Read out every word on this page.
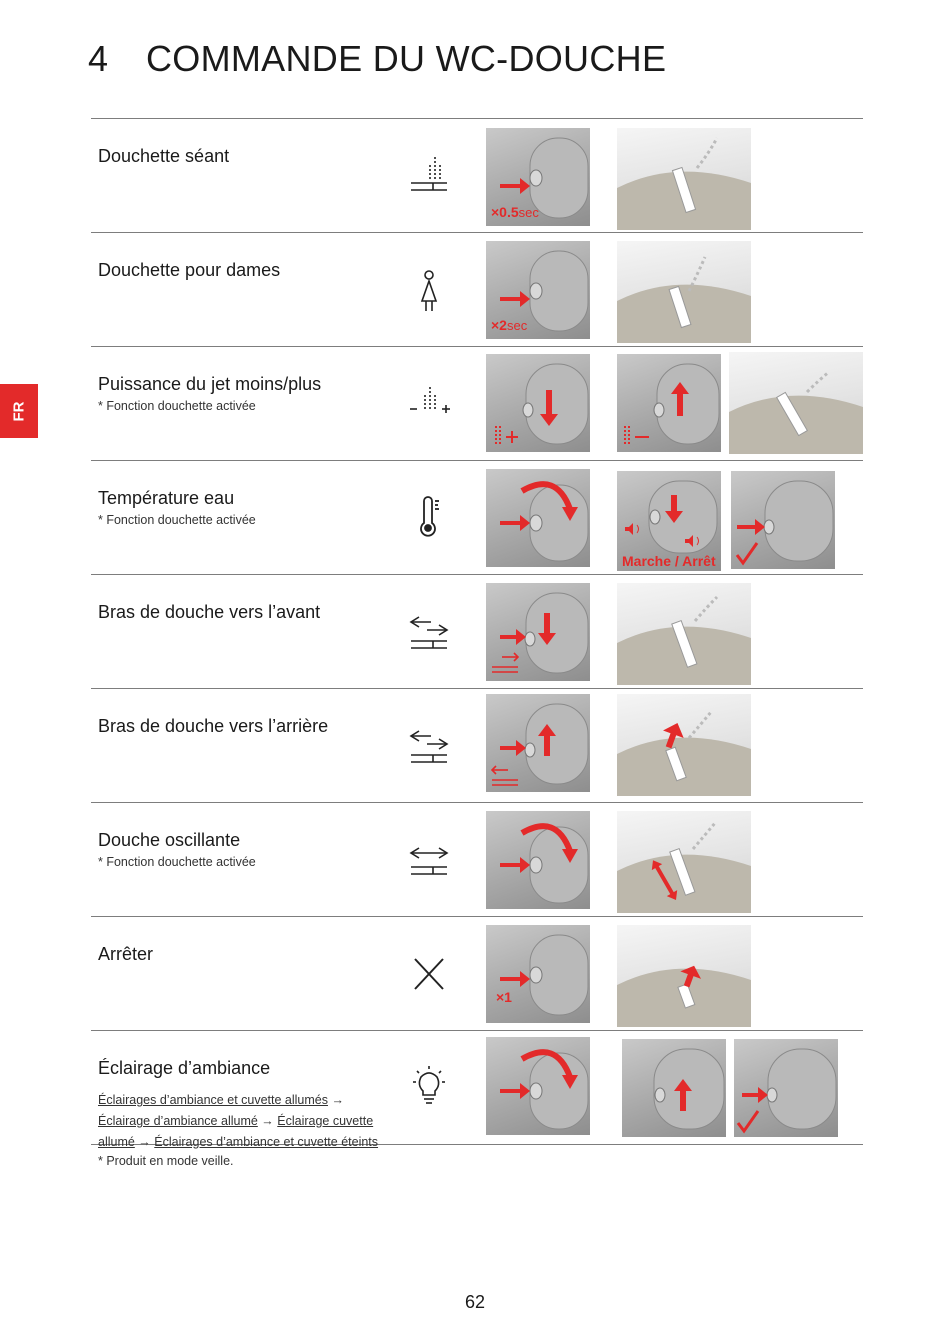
4 COMMANDE DU WC-DOUCHE
FR
Douchette séant
×0.5sec
Douchette pour dames
×2sec
Puissance du jet moins/plus
* Fonction douchette activée
Température eau
* Fonction douchette activée
Marche / Arrêt
Bras de douche vers l’avant
Bras de douche vers l’arrière
Douche oscillante
* Fonction douchette activée
Arrêter
×1
Éclairage d’ambiance
Éclairages d’ambiance et cuvette allumés → Éclairage d’ambiance allumé → Éclairage cuvette allumé → Éclairages d’ambiance et cuvette éteints
* Produit en mode veille.
62
